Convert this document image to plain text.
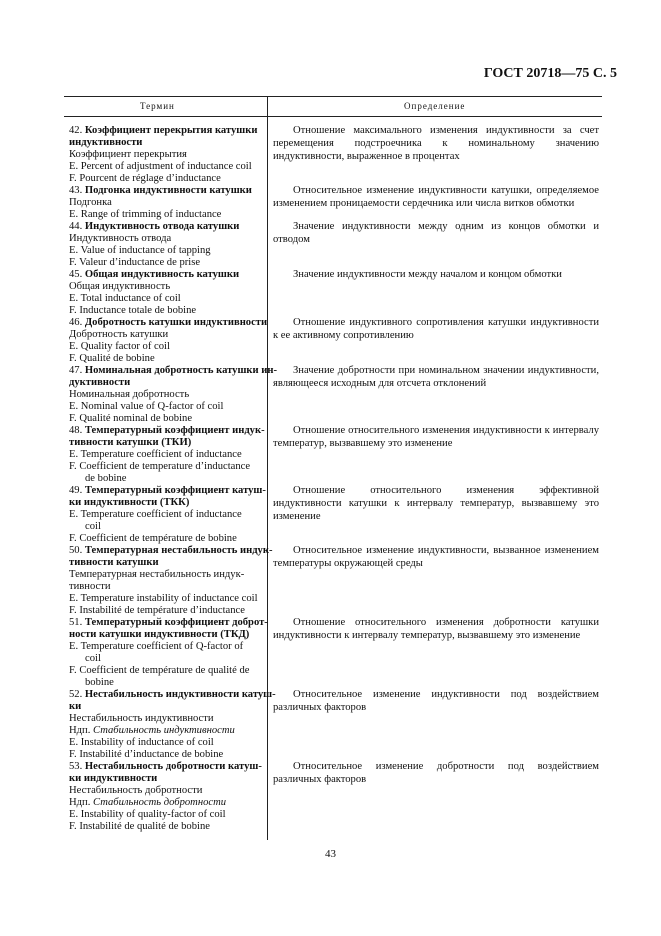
ГОСТ 20718—75 С. 5
Термин	Определение
42. Коэффициент перекрытия катушки
индуктивности
Коэффициент перекрытия
E. Percent of adjustment of inductance coil
F. Pourcent de réglage d’inductance
43. Подгонка индуктивности катушки
Подгонка
E. Range of trimming of inductance
44. Индуктивность отвода катушки
Индуктивность отвода
E. Value of inductance of tapping
F. Valeur d’inductance de prise
45. Общая индуктивность катушки
Общая индуктивность
E. Total inductance of coil
F. Inductance totale de bobine
46. Добротность катушки индуктивности
Добротность катушки
E. Quality factor of coil
F. Qualité de bobine
47. Номинальная добротность катушки ин-
дуктивности
Номинальная добротность
E. Nominal value of Q-factor of coil
F. Qualité nominal de bobine
48. Температурный коэффициент индук-
тивности катушки (ТКИ)
E. Temperature coefficient of inductance
F. Coefficient de temperature d’inductance
de bobine
49. Температурный коэффициент катуш-
ки индуктивности (ТКК)
E. Temperature coefficient of inductance
coil
F. Coefficient de température de bobine
50. Температурная нестабильность индук-
тивности катушки
Температурная нестабильность индук-
тивности
E. Temperature instability of inductance coil
F. Instabilité de température d’inductance
51. Температурный коэффициент доброт-
ности катушки индуктивности (ТКД)
E. Temperature coefficient of Q-factor of
coil
F. Coefficient de température de qualité de
bobine
52. Нестабильность индуктивности катуш-
ки
Нестабильность индуктивности
Ндп. Стабильность индуктивности
E. Instability of inductance of coil
F. Instabilité d’inductance de bobine
53. Нестабильность добротности катуш-
ки индуктивности
Нестабильность добротности
Ндп. Стабильность добротности
E. Instability of quality-factor of coil
F. Instabilité de qualité de bobine
Отношение максимального изменения индуктивности за счет перемещения подстроечника к номинальному значению индуктивности, выраженное в процентах
Относительное изменение индуктивности катушки, определяемое изменением проницаемости сердечника или числа витков обмотки
Значение индуктивности между одним из концов обмотки и отводом
Значение индуктивности между началом и концом обмотки
Отношение индуктивного сопротивления катушки индуктивности к ее активному сопротивлению
Значение добротности при номинальном значении индуктивности, являющееся исходным для отсчета отклонений
Отношение относительного изменения индуктивности к интервалу температур, вызвавшему это изменение
Отношение относительного изменения эффективной индуктивности катушки к интервалу температур, вызвавшему это изменение
Относительное изменение индуктивности, вызванное изменением температуры окружающей среды
Отношение относительного изменения добротности катушки индуктивности к интервалу температур, вызвавшему это изменение
Относительное изменение индуктивности под воздействием различных факторов
Относительное изменение добротности под воздействием различных факторов
43
